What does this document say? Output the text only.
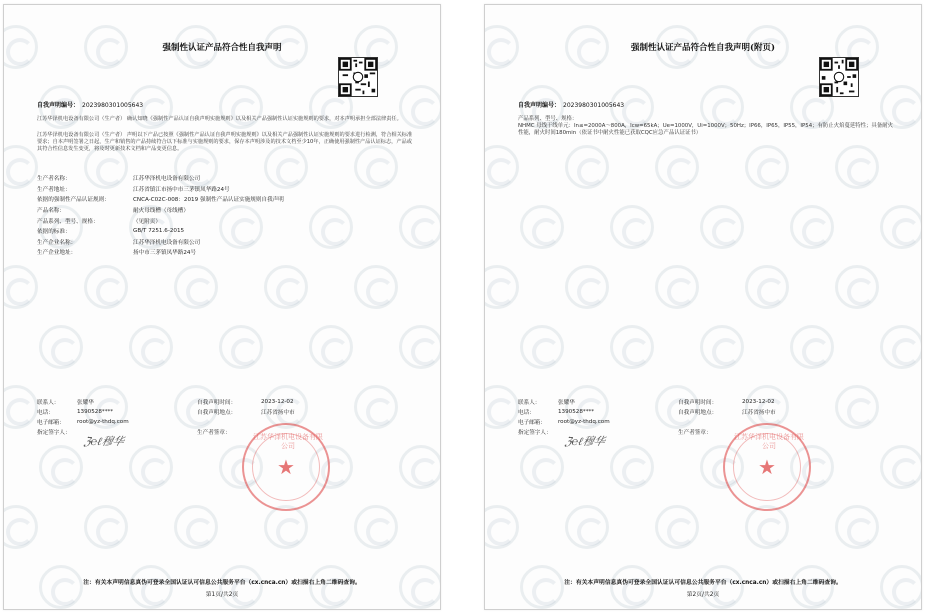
强制性认证产品符合性自我声明
自我声明编号： 2023980301005643
江苏华泽机电设备有限公司（生产者） 确认知晓《强制性产品认证自我声明实施规则》以及相关产品强制性认证实施规则的要求，对本声明承担全部法律责任。
江苏华泽机电设备有限公司（生产者） 声明以下产品已按照《强制性产品认证自我声明实施规则》以及相关产品强制性认证实施规则的要求进行检测，符合相关标准要求；自本声明签署之日起，生产和销售的产品持续符合以下标准与实施规则的要求，保存本声明涉及的技术文档至少10年，正确使用强制性产品认证标志，产品或其符合性信息发生变更，将及时更新技术文档和产品变更信息。
生产者名称：	江苏华泽机电设备有限公司
生产者地址：	江苏省镇江市扬中市三茅镇凤华路24号
依据的强制性产品认证规则：	CNCA-C02C-008：2019 强制性产品认证实施规则自我声明
产品名称：	耐火母线槽（母线槽）
产品系列、型号、规格：	（见附页）
依据的标准：	GB/T 7251.6-2015
生产企业名称：	江苏华泽机电设备有限公司
生产企业地址：	扬中市三茅镇凤华路24号
联系人：	张耀华	自我声明时间：	2023-12-02
电话：	1390528****	自我声明地点：	江苏省扬中市
电子邮箱：	root@yz-thdq.com
指定签字人：	生产者签章：
ℨ℮ℓ穆华	江苏华泽机电设备有限公司
★
注：有关本声明信息真伪可登录全国认证认可信息公共服务平台（cx.cnca.cn）或扫描右上角二维码查询。
第1页/共2页
强制性认证产品符合性自我声明(附页)
自我声明编号： 2023980301005643
产品系列、型号、规格：
NHMC 母线干线单元：In≤=2000A～800A，Icw=65kA；Ue=1000V，Ui=1000V；50Hz；IP66，IP65，IP55，IP54；有防止火焰蔓延特性；具备耐火性能，耐火时间180min（依证书中耐火性能已获取CQC应急产品认证证书）
联系人：	张耀华	自我声明时间：	2023-12-02
电话：	1390528****	自我声明地点：	江苏省扬中市
电子邮箱：	root@yz-thdq.com
指定签字人：	生产者签章：
ℨ℮ℓ穆华	江苏华泽机电设备有限公司
★
注：有关本声明信息真伪可登录全国认证认可信息公共服务平台（cx.cnca.cn）或扫描右上角二维码查询。
第2页/共2页
